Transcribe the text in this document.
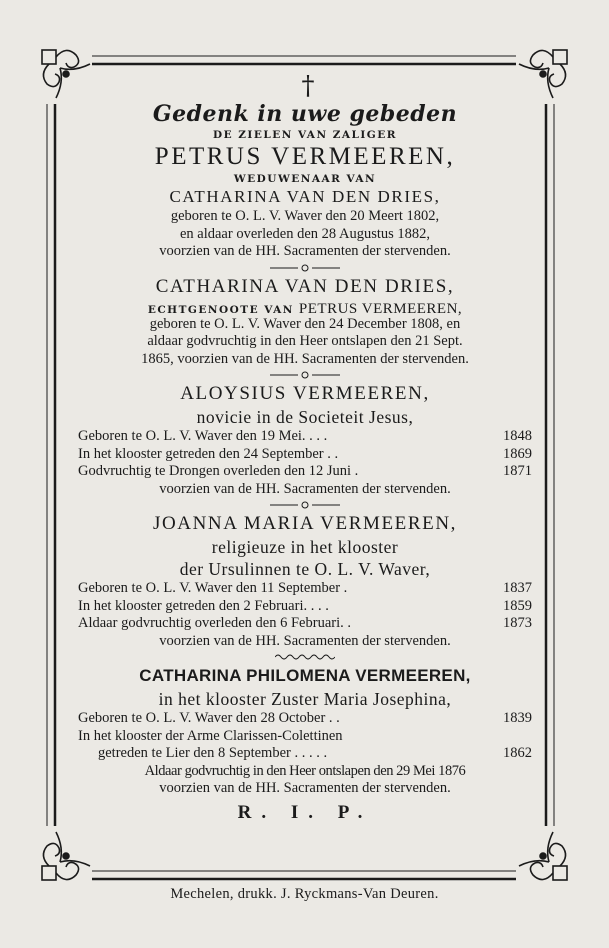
†
Gedenk in uwe gebeden
DE ZIELEN VAN ZALIGER
PETRUS VERMEEREN,
WEDUWENAAR VAN
CATHARINA VAN DEN DRIES,
geboren te O. L. V. Waver den 20 Meert 1802,
en aldaar overleden den 28 Augustus 1882,
voorzien van de HH. Sacramenten der stervenden.
CATHARINA VAN DEN DRIES,
ECHTGENOOTE VAN PETRUS VERMEEREN,
geboren te O. L. V. Waver den 24 December 1808, en
aldaar godvruchtig in den Heer ontslapen den 21 Sept.
1865, voorzien van de HH. Sacramenten der stervenden.
ALOYSIUS VERMEEREN,
novicie in de Societeit Jesus,
Geboren te O. L. V. Waver den 19 Mei. . . .	1848
In het klooster getreden den 24 September . .	1869
Godvruchtig te Drongen overleden den 12 Juni .	1871
voorzien van de HH. Sacramenten der stervenden.
JOANNA MARIA VERMEEREN,
religieuze in het klooster
der Ursulinnen te O. L. V. Waver,
Geboren te O. L. V. Waver den 11 September .	1837
In het klooster getreden den 2 Februari. . . .	1859
Aldaar godvruchtig overleden den 6 Februari. .	1873
voorzien van de HH. Sacramenten der stervenden.
CATHARINA PHILOMENA VERMEEREN,
in het klooster Zuster Maria Josephina,
Geboren te O. L. V. Waver den 28 October . .	1839
In het klooster der Arme Clarissen-Colettinen
getreden te Lier den 8 September . . . . .	1862
Aldaar godvruchtig in den Heer ontslapen den 29 Mei 1876
voorzien van de HH. Sacramenten der stervenden.
R. I. P.
Mechelen, drukk. J. Ryckmans-Van Deuren.
